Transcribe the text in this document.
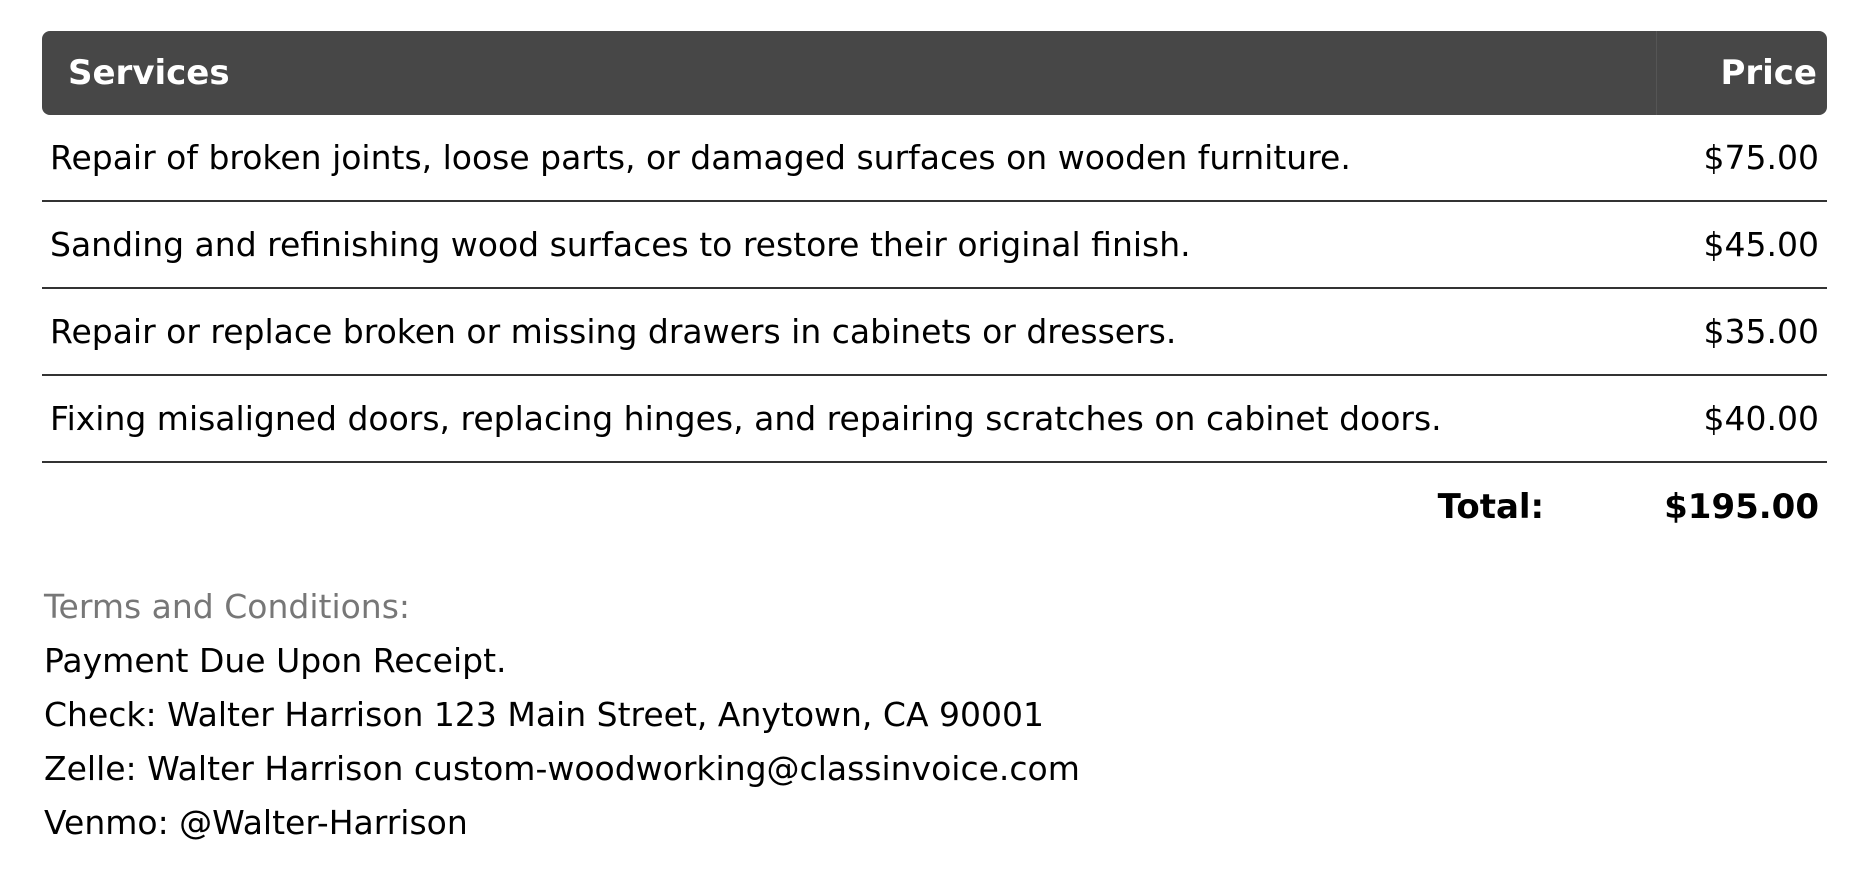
Services	Price
Repair of broken joints, loose parts, or damaged surfaces on wooden furniture.	$75.00
Sanding and refinishing wood surfaces to restore their original finish.	$45.00
Repair or replace broken or missing drawers in cabinets or dressers.	$35.00
Fixing misaligned doors, replacing hinges, and repairing scratches on cabinet doors.	$40.00
Total:	$195.00
Terms and Conditions:
Payment Due Upon Receipt.
Check: Walter Harrison 123 Main Street, Anytown, CA 90001
Zelle: Walter Harrison custom-woodworking@classinvoice.com
Venmo: @Walter-Harrison
